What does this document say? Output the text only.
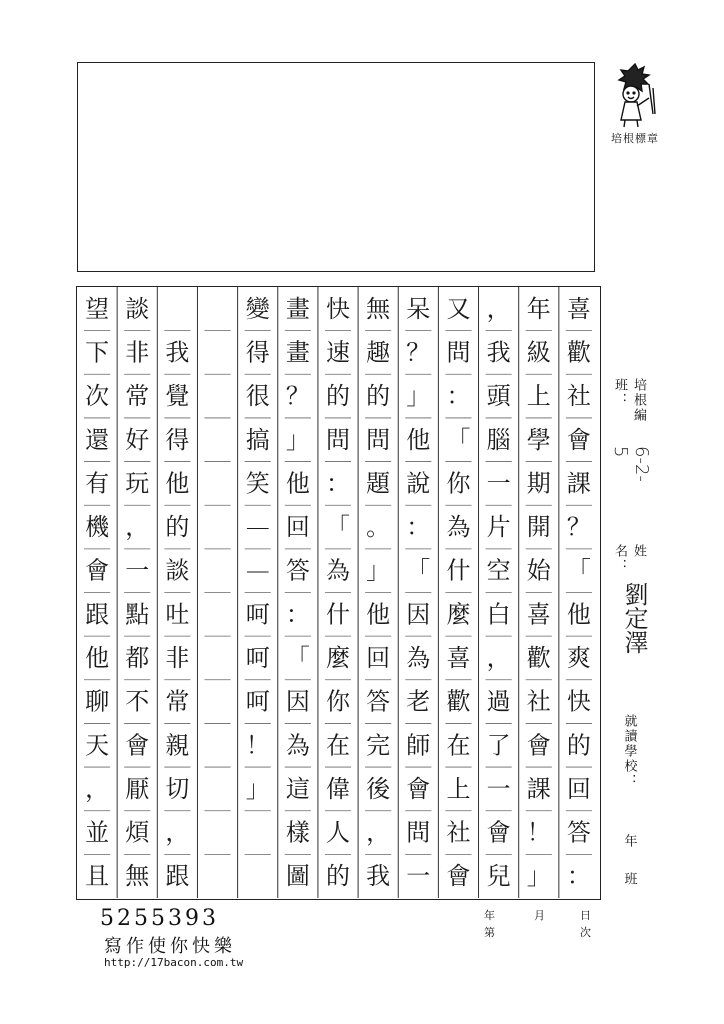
培根標章
喜
歡
社
會
課
？
「
他
爽
快
的
回
答
：
年
級
上
學
期
開
始
喜
歡
社
會
課
！
」
，
我
頭
腦
一
片
空
白
，
過
了
一
會
兒
又
問
：
「
你
為
什
麼
喜
歡
在
上
社
會
呆
？
」
他
說
：
「
因
為
老
師
會
問
一
無
趣
的
問
題
。
」
他
回
答
完
後
，
我
快
速
的
問
：
「
為
什
麼
你
在
偉
人
的
畫
畫
？
」
他
回
答
：
「
因
為
這
樣
圖
變
得
很
搞
笑
—
—
呵
呵
呵
！
」

我
覺
得
他
的
談
吐
非
常
親
切
，
跟
談
非
常
好
玩
，
一
點
都
不
會
厭
煩
無
望
下
次
還
有
機
會
跟
他
聊
天
，
並
且
培根編班：
6-2-5
姓名：
劉定澤
就讀學校：
年
班
5255393
寫作使你快樂
http://17bacon.com.tw
年	月	日
第	次
